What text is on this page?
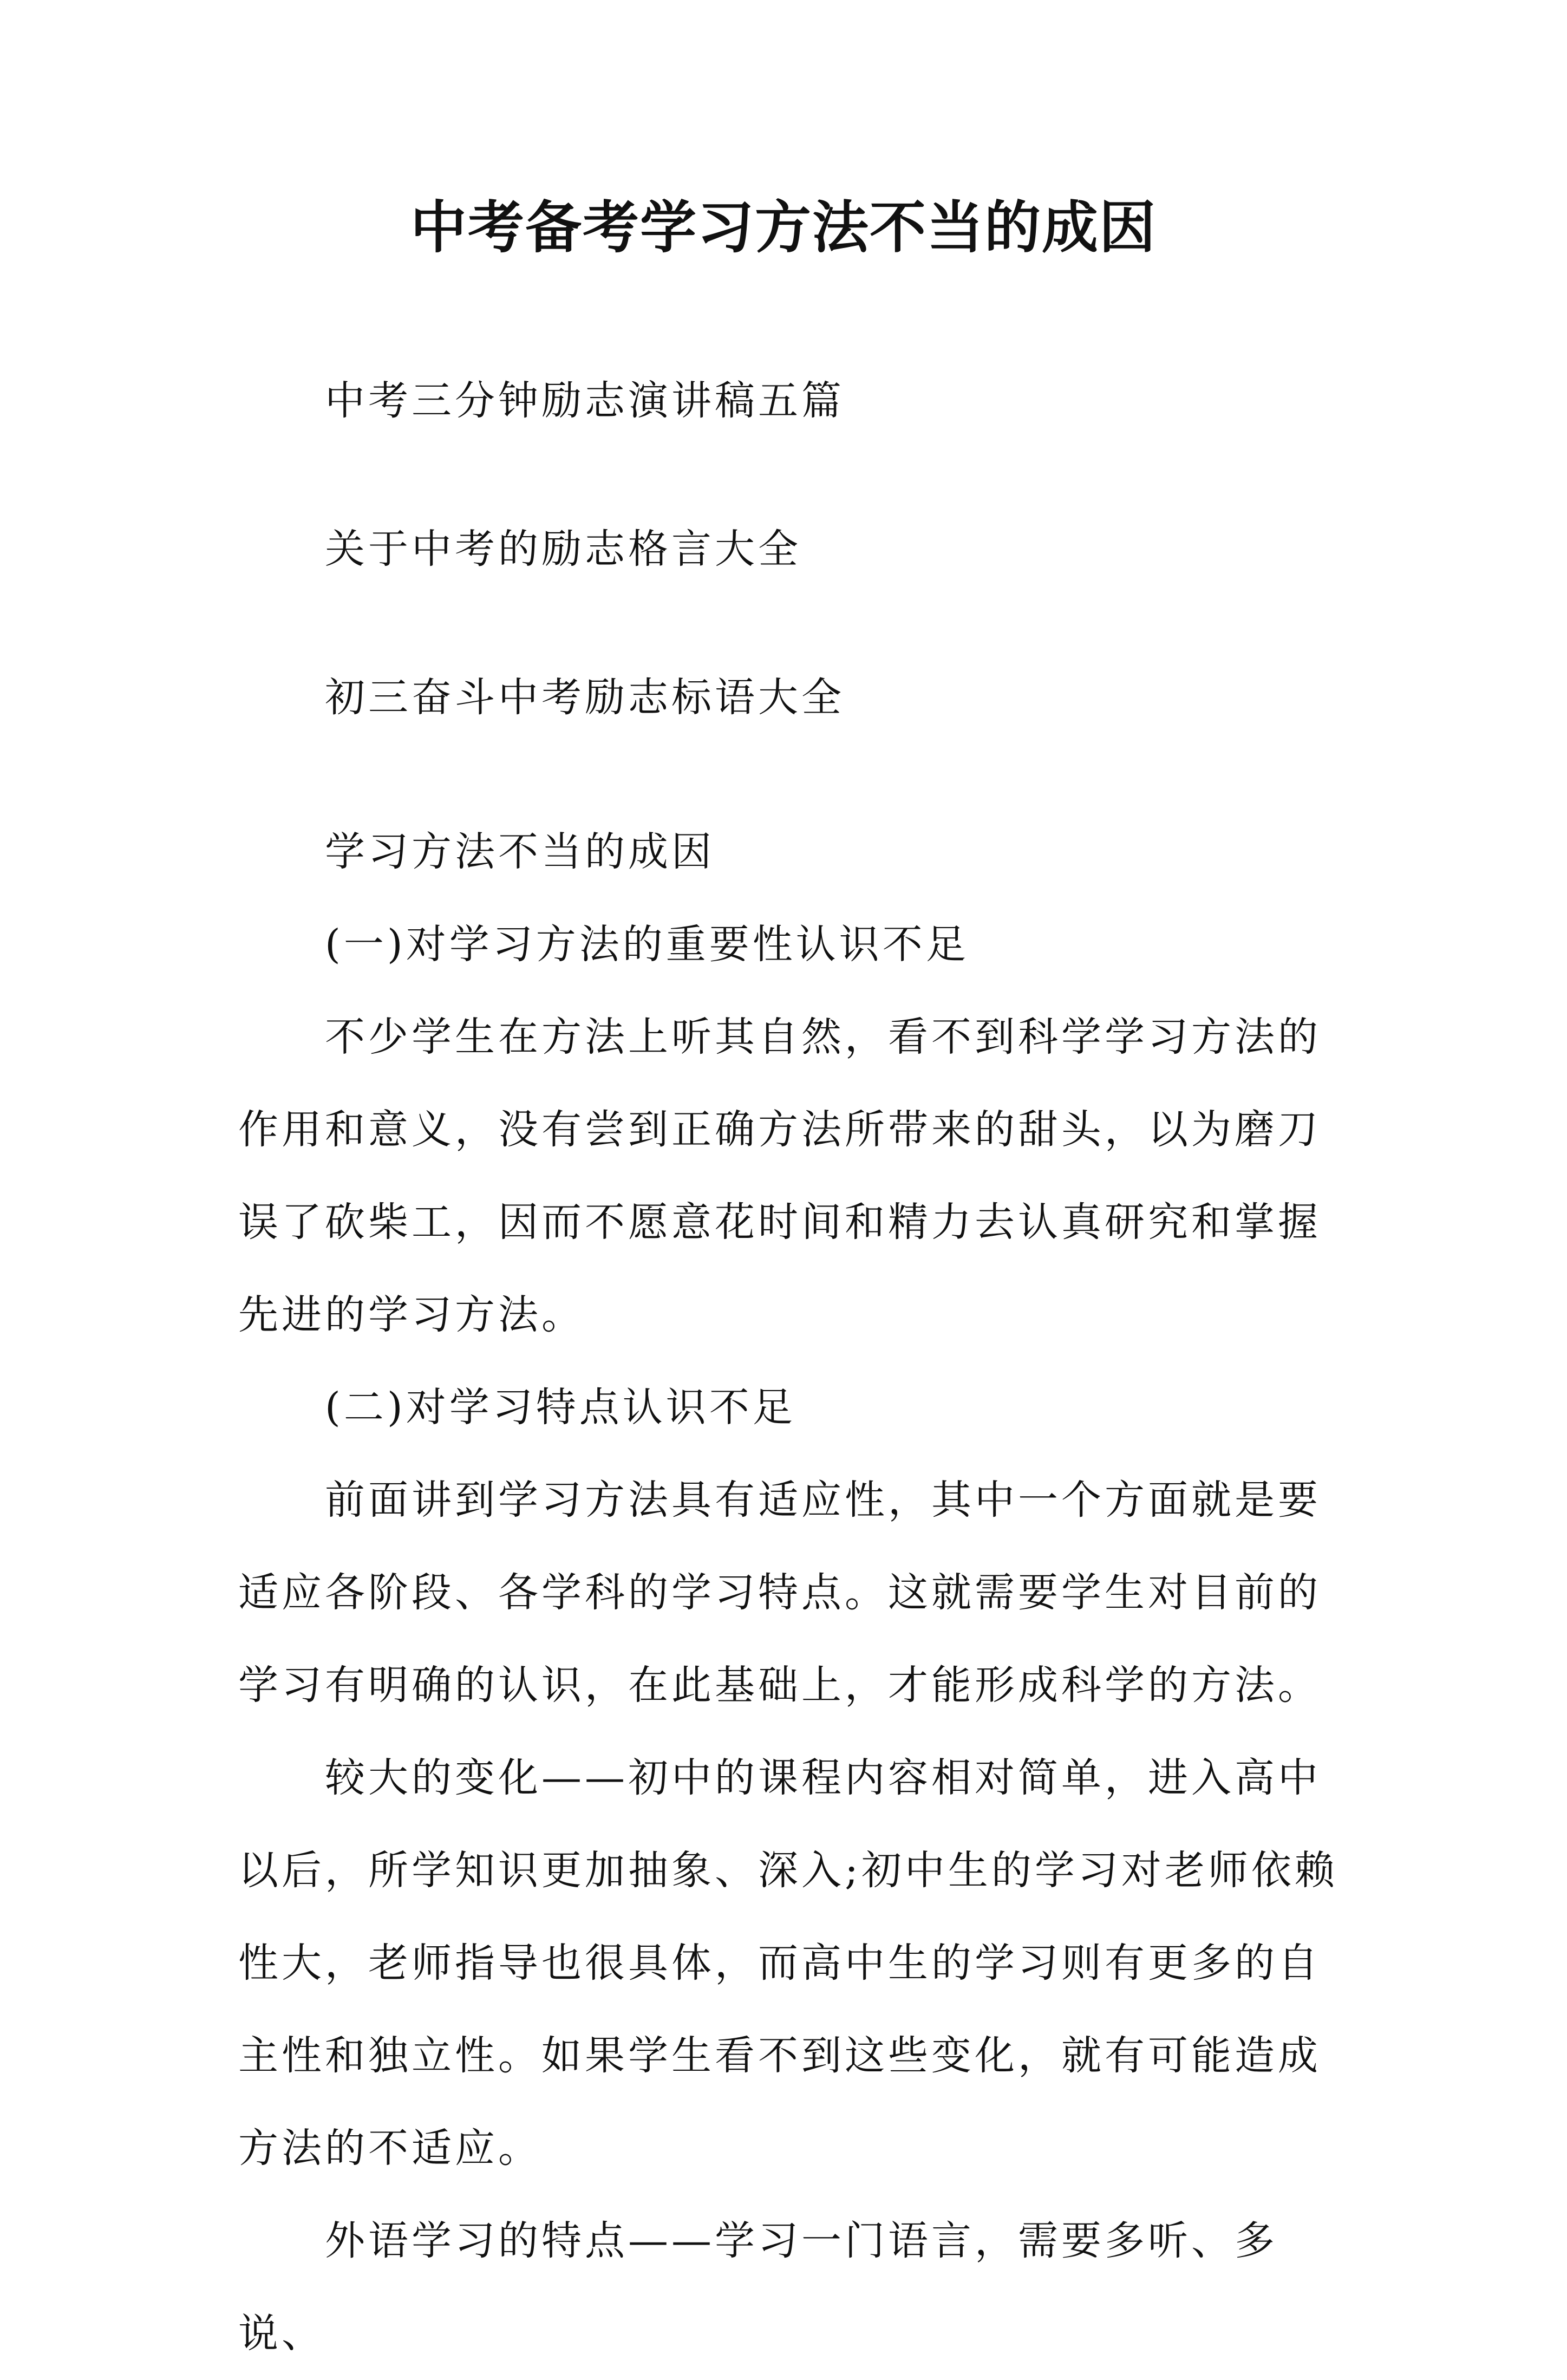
中考备考学习方法不当的成因
中考三分钟励志演讲稿五篇
关于中考的励志格言大全
初三奋斗中考励志标语大全

学习方法不当的成因

(一)对学习方法的重要性认识不足

不少学生在方法上听其自然，看不到科学学习方法的作用和意义，没有尝到正确方法所带来的甜头，以为磨刀误了砍柴工，因而不愿意花时间和精力去认真研究和掌握先进的学习方法。

(二)对学习特点认识不足

前面讲到学习方法具有适应性，其中一个方面就是要适应各阶段、各学科的学习特点。这就需要学生对目前的学习有明确的认识，在此基础上，才能形成科学的方法。

较大的变化——初中的课程内容相对简单，进入高中以后，所学知识更加抽象、深入;初中生的学习对老师依赖性大，老师指导也很具体，而高中生的学习则有更多的自主性和独立性。如果学生看不到这些变化，就有可能造成方法的不适应。

外语学习的特点——学习一门语言，需要多听、多说、
